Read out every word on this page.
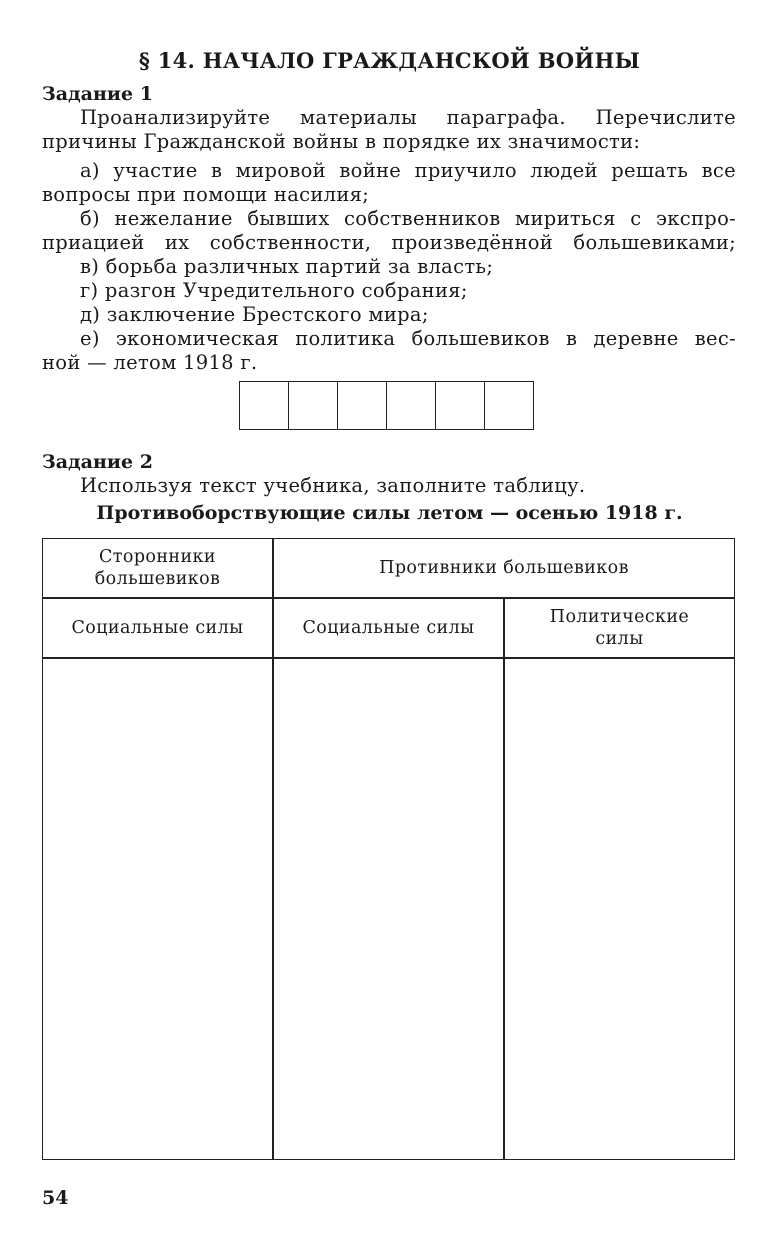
§ 14. НАЧАЛО ГРАЖДАНСКОЙ ВОЙНЫ
Задание 1
Проанализируйте материалы параграфа. Перечислите
причины Гражданской войны в порядке их значимости:
а) участие в мировой войне приучило людей решать все
вопросы при помощи насилия;
б) нежелание бывших собственников мириться с экспро-
приацией их собственности, произведённой большевиками;
в) борьба различных партий за власть;
г) разгон Учредительного собрания;
д) заключение Брестского мира;
е) экономическая политика большевиков в деревне вес-
ной — летом 1918 г.
Задание 2
Используя текст учебника, заполните таблицу.
Противоборствующие силы летом — осенью 1918 г.
Сторонники
большевиков
Противники большевиков
Социальные силы	Социальные силы
Политические
силы
54
